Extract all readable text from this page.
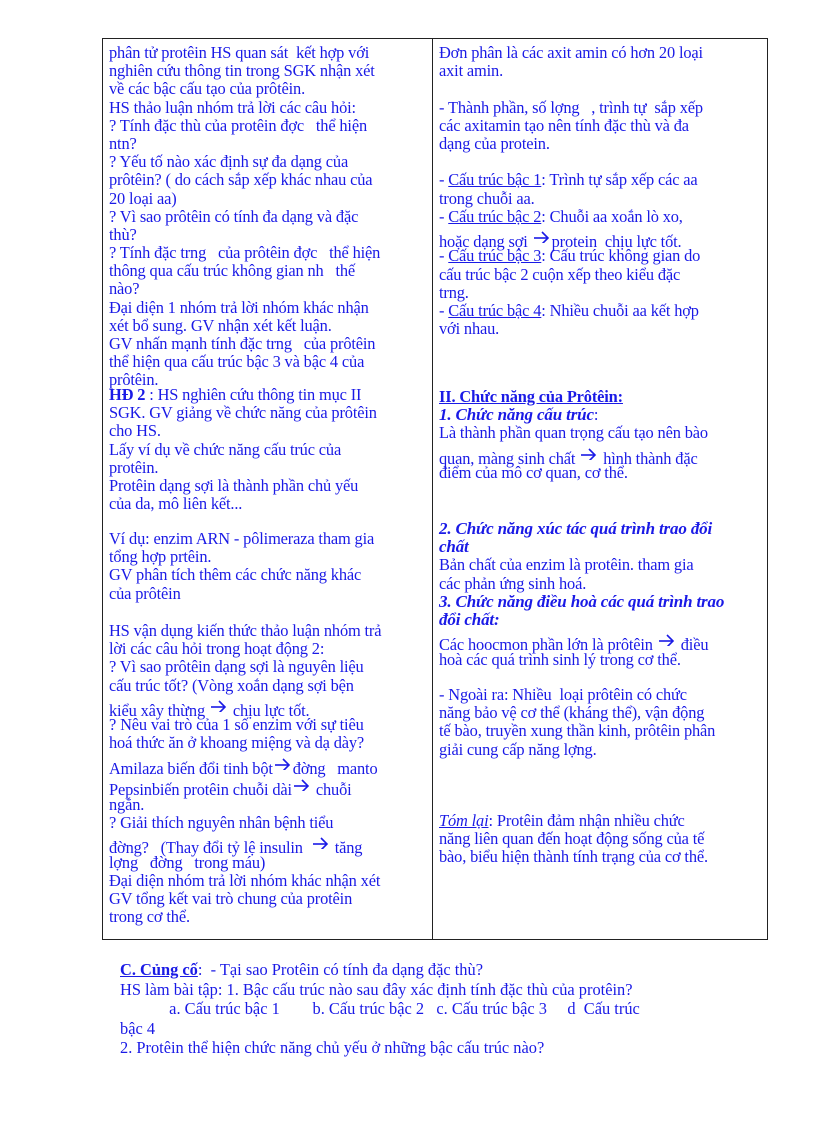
phân tử protêin HS quan sát  kết hợp với
nghiên cứu thông tin trong SGK nhận xét
về các bậc cấu tạo của prôtêin.
HS thảo luận nhóm trả lời các câu hỏi:
? Tính đặc thù của protêin đợc   thể hiện
ntn?
? Yếu tố nào xác định sự đa dạng của
prôtêin? ( do cách sắp xếp khác nhau của
20 loại aa)
? Vì sao prôtêin có tính đa dạng và đặc
thù?
? Tính đặc trng   của prôtêin đợc   thể hiện
thông qua cấu trúc không gian nh   thế
nào?
Đại diện 1 nhóm trả lời nhóm khác nhận
xét bổ sung. GV nhận xét kết luận.
GV nhấn mạnh tính đặc trng   của prôtêin
thể hiện qua cấu trúc bậc 3 và bậc 4 của
prôtêin.
HĐ 2 : HS nghiên cứu thông tin mục II
SGK. GV giảng về chức năng của prôtêin
cho HS.
Lấy ví dụ về chức năng cấu trúc của
protêin.
Protêin dạng sợi là thành phần chủ yếu
của da, mô liên kết...
Ví dụ: enzim ARN - pôlimeraza tham gia
tổng hợp prtêin.
GV phân tích thêm các chức năng khác
của prôtêin
HS vận dụng kiến thức thảo luận nhóm trả
lời các câu hỏi trong hoạt động 2:
? Vì sao prôtêin dạng sợi là nguyên liệu
cấu trúc tốt? (Vòng xoắn dạng sợi bện
kiểu xây thừng  chịu lực tốt.
? Nêu vai trò của 1 số enzim với sự tiêu
hoá thức ăn ở khoang miệng và dạ dày?
Amilaza biến đổi tinh bột đờng   manto
Pepsinbiến protêin chuỗi dài chuỗi
ngắn.
? Giải thích nguyên nhân bệnh tiểu
đờng?   (Thay đổi tỷ lệ insulin   tăng
lợng   đờng   trong máu)
Đại diện nhóm trả lời nhóm khác nhận xét
GV tổng kết vai trò chung của protêin
trong cơ thể.
Đơn phân là các axit amin có hơn 20 loại
axit amin.
- Thành phần, số lợng   , trình tự  sắp xếp
các axitamin tạo nên tính đặc thù và đa
dạng của protein.
- Cấu trúc bậc 1: Trình tự sắp xếp các aa
trong chuỗi aa.
- Cấu trúc bậc 2: Chuỗi aa xoắn lò xo,
hoặc dạng sợi protein  chịu lực tốt.
- Cấu trúc bậc 3: Cấu trúc không gian do
cấu trúc bậc 2 cuộn xếp theo kiểu đặc
trng.
- Cấu trúc bậc 4: Nhiều chuỗi aa kết hợp
với nhau.
II. Chức năng của Prôtêin:
1. Chức năng cấu trúc:
Là thành phần quan trọng cấu tạo nên bào
quan, màng sinh chất  hình thành đặc
điểm của mô cơ quan, cơ thể.
2. Chức năng xúc tác quá trình trao đổi
chất
Bản chất của enzim là protêin. tham gia
các phản ứng sinh hoá.
3. Chức năng điều hoà các quá trình trao
đổi chất:
Các hoocmon phần lớn là prôtêin  điều
hoà các quá trình sinh lý trong cơ thể.
- Ngoài ra: Nhiều  loại prôtêin có chức
năng bảo vệ cơ thể (kháng thể), vận động
tế bào, truyền xung thần kinh, prôtêin phân
giải cung cấp năng lợng.
Tóm lại: Protêin đảm nhận nhiều chức
năng liên quan đến hoạt động sống của tế
bào, biểu hiện thành tính trạng của cơ thể.
C. Củng cố:  - Tại sao Protêin có tính đa dạng đặc thù?
HS làm bài tập: 1. Bậc cấu trúc nào sau đây xác định tính đặc thù của protêin?
a. Cấu trúc bậc 1        b. Cấu trúc bậc 2   c. Cấu trúc bậc 3     d  Cấu trúc
bậc 4
2. Protêin thể hiện chức năng chủ yếu ở những bậc cấu trúc nào?
